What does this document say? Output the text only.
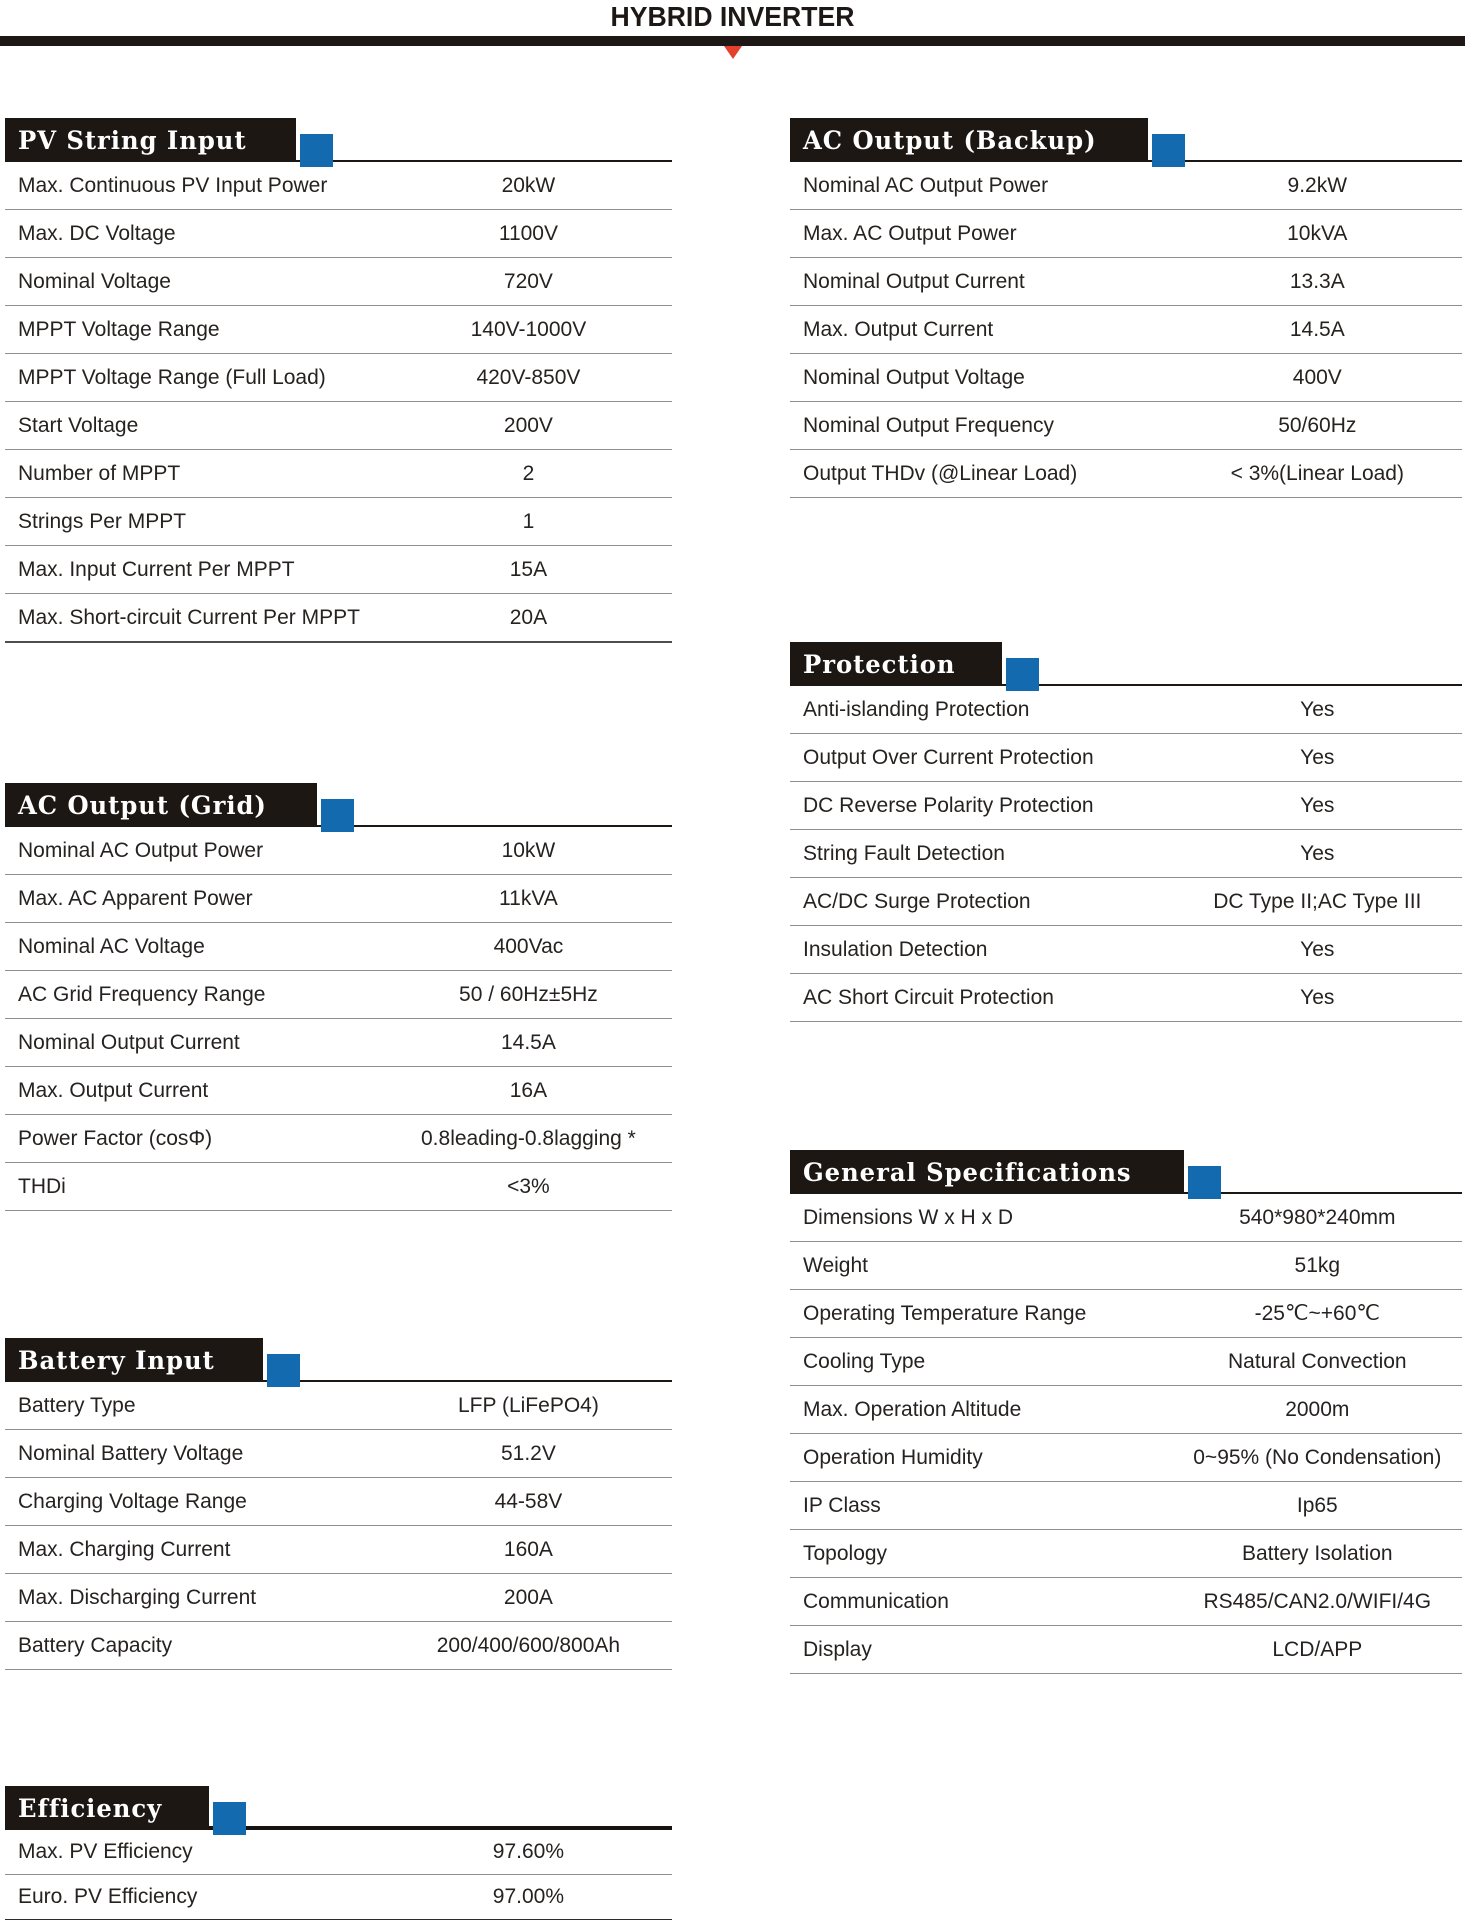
HYBRID INVERTER
PV String Input
Max. Continuous PV Input Power	20kW
Max. DC Voltage	1100V
Nominal Voltage	720V
MPPT Voltage Range	140V-1000V
MPPT Voltage Range (Full Load)	420V-850V
Start Voltage	200V
Number of MPPT	2
Strings Per MPPT	1
Max. Input Current Per MPPT	15A
Max. Short-circuit Current Per MPPT	20A
AC Output (Grid)
Nominal AC Output Power	10kW
Max. AC Apparent Power	11kVA
Nominal AC Voltage	400Vac
AC Grid Frequency Range	50 / 60Hz±5Hz
Nominal Output Current	14.5A
Max. Output Current	16A
Power Factor (cosΦ)	0.8leading-0.8lagging *
THDi	<3%
Battery Input
Battery Type	LFP (LiFePO4)
Nominal Battery Voltage	51.2V
Charging Voltage Range	44-58V
Max. Charging Current	160A
Max. Discharging Current	200A
Battery Capacity	200/400/600/800Ah
Efficiency
Max. PV Efficiency	97.60%
Euro. PV Efficiency	97.00%
AC Output (Backup)
Nominal AC Output Power	9.2kW
Max. AC Output Power	10kVA
Nominal Output Current	13.3A
Max. Output Current	14.5A
Nominal Output Voltage	400V
Nominal Output Frequency	50/60Hz
Output THDv (@Linear Load)	< 3%(Linear Load)
Protection
Anti-islanding Protection	Yes
Output Over Current Protection	Yes
DC Reverse Polarity Protection	Yes
String Fault Detection	Yes
AC/DC Surge Protection	DC Type II;AC Type III
Insulation Detection	Yes
AC Short Circuit Protection	Yes
General Specifications
Dimensions W x H x D	540*980*240mm
Weight	51kg
Operating Temperature Range	-25℃~+60℃
Cooling Type	Natural Convection
Max. Operation Altitude	2000m
Operation Humidity	0~95% (No Condensation)
IP Class	Ip65
Topology	Battery Isolation
Communication	RS485/CAN2.0/WIFI/4G
Display	LCD/APP
